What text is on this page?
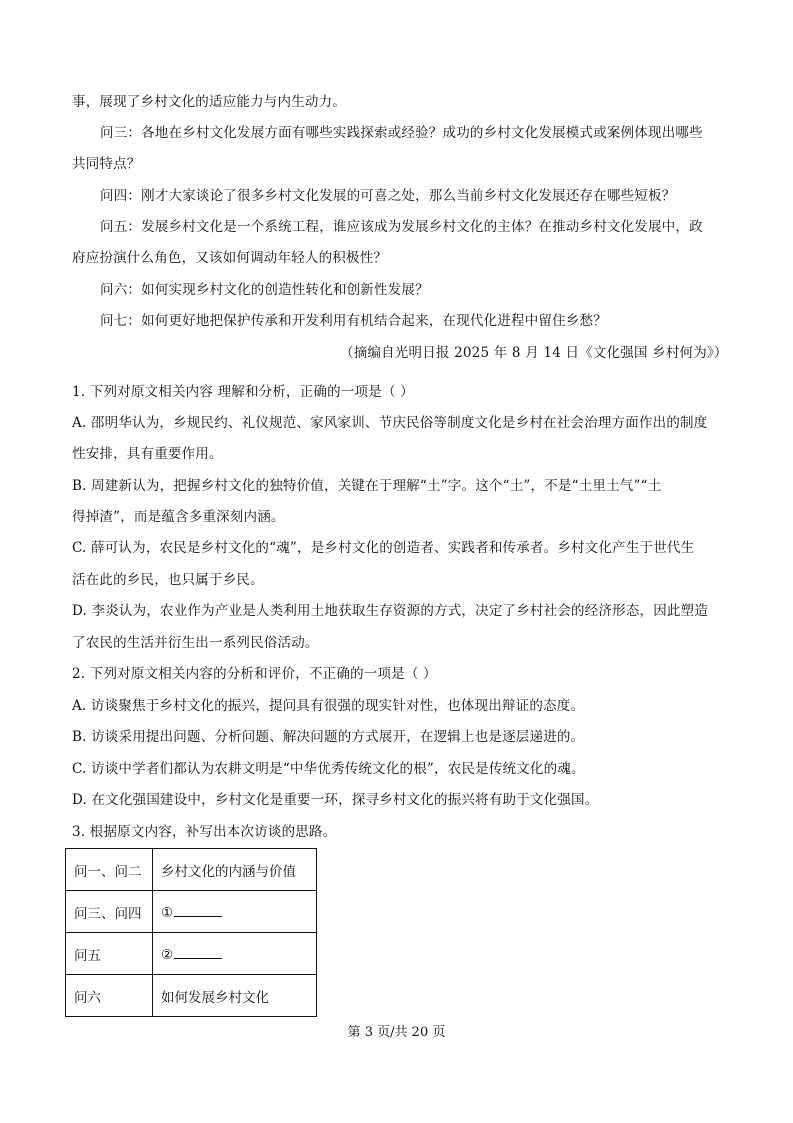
事，展现了乡村文化的适应能力与内生动力。
问三：各地在乡村文化发展方面有哪些实践探索或经验？成功的乡村文化发展模式或案例体现出哪些
共同特点？
问四：刚才大家谈论了很多乡村文化发展的可喜之处，那么当前乡村文化发展还存在哪些短板？
问五：发展乡村文化是一个系统工程，谁应该成为发展乡村文化的主体？在推动乡村文化发展中，政
府应扮演什么角色，又该如何调动年轻人的积极性？
问六：如何实现乡村文化的创造性转化和创新性发展？
问七：如何更好地把保护传承和开发利用有机结合起来，在现代化进程中留住乡愁？
（摘编自光明日报 2025 年 8 月 14 日《文化强国 乡村何为》）
1. 下列对原文相关内容 理解和分析，正确的一项是（ ）
A. 邵明华认为，乡规民约、礼仪规范、家风家训、节庆民俗等制度文化是乡村在社会治理方面作出的制度
性安排，具有重要作用。
B. 周建新认为，把握乡村文化的独特价值，关键在于理解“土”字。这个“土”，不是“土里土气”“土
得掉渣”，而是蕴含多重深刻内涵。
C. 薛可认为，农民是乡村文化的“魂”，是乡村文化的创造者、实践者和传承者。乡村文化产生于世代生
活在此的乡民，也只属于乡民。
D. 李炎认为，农业作为产业是人类利用土地获取生存资源的方式，决定了乡村社会的经济形态，因此塑造
了农民的生活并衍生出一系列民俗活动。
2. 下列对原文相关内容的分析和评价，不正确的一项是（ ）
A. 访谈聚焦于乡村文化的振兴，提问具有很强的现实针对性，也体现出辩证的态度。
B. 访谈采用提出问题、分析问题、解决问题的方式展开，在逻辑上也是逐层递进的。
C. 访谈中学者们都认为农耕文明是“中华优秀传统文化的根”，农民是传统文化的魂。
D. 在文化强国建设中，乡村文化是重要一环，探寻乡村文化的振兴将有助于文化强国。
3. 根据原文内容，补写出本次访谈的思路。
问一、问二	乡村文化的内涵与价值
问三、问四	①
问五	②
问六	如何发展乡村文化
第 3 页/共 20 页
